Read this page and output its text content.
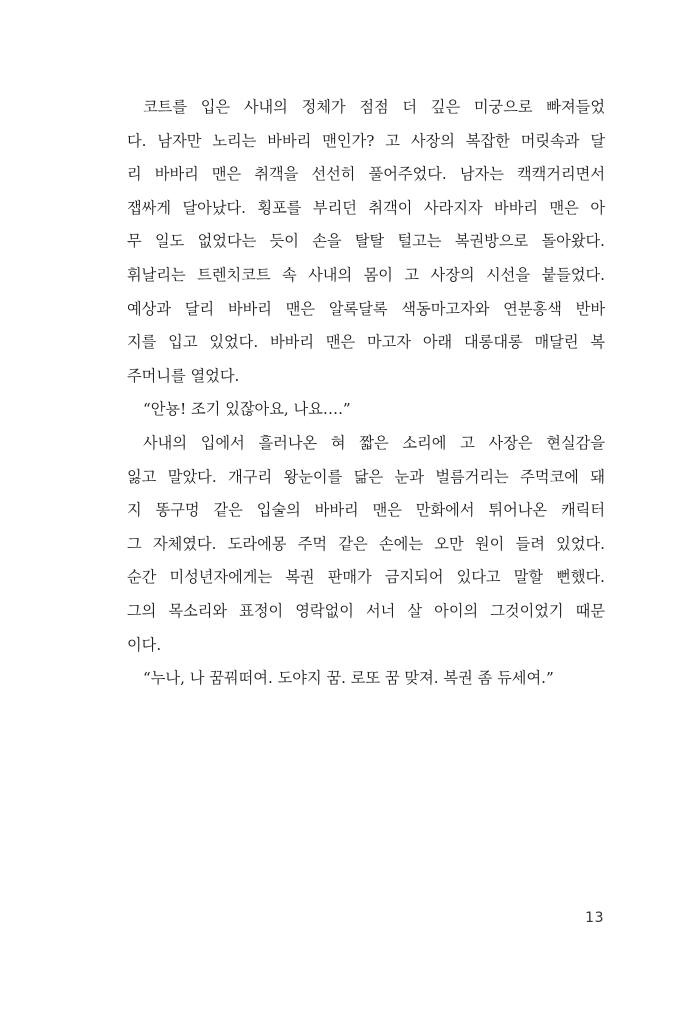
코트를 입은 사내의 정체가 점점 더 깊은 미궁으로 빠져들었
다. 남자만 노리는 바바리 맨인가? 고 사장의 복잡한 머릿속과 달
리 바바리 맨은 취객을 선선히 풀어주었다. 남자는 캑캑거리면서
잽싸게 달아났다. 횡포를 부리던 취객이 사라지자 바바리 맨은 아
무 일도 없었다는 듯이 손을 탈탈 털고는 복권방으로 돌아왔다.
휘날리는 트렌치코트 속 사내의 몸이 고 사장의 시선을 붙들었다.
예상과 달리 바바리 맨은 알록달록 색동마고자와 연분홍색 반바
지를 입고 있었다. 바바리 맨은 마고자 아래 대롱대롱 매달린 복
주머니를 열었다.
“안뇽! 조기 있잖아요, 나요….”
사내의 입에서 흘러나온 혀 짧은 소리에 고 사장은 현실감을
잃고 말았다. 개구리 왕눈이를 닮은 눈과 벌름거리는 주먹코에 돼
지 똥구멍 같은 입술의 바바리 맨은 만화에서 튀어나온 캐릭터
그 자체였다. 도라에몽 주먹 같은 손에는 오만 원이 들려 있었다.
순간 미성년자에게는 복권 판매가 금지되어 있다고 말할 뻔했다.
그의 목소리와 표정이 영락없이 서너 살 아이의 그것이었기 때문
이다.
“누나, 나 꿈꿔떠여. 도야지 꿈. 로또 꿈 맞져. 복권 좀 듀세여.”
13
